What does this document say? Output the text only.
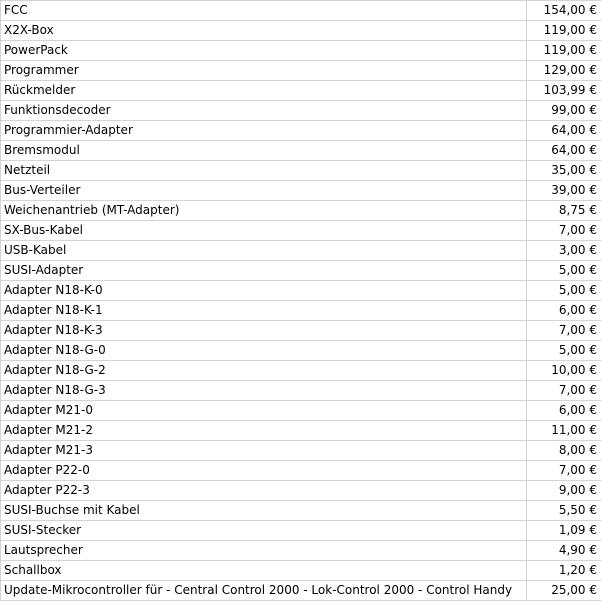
FCC	154,00 €
X2X-Box	119,00 €
PowerPack	119,00 €
Programmer	129,00 €
Rückmelder	103,99 €
Funktionsdecoder	99,00 €
Programmier-Adapter	64,00 €
Bremsmodul	64,00 €
Netzteil	35,00 €
Bus-Verteiler	39,00 €
Weichenantrieb (MT-Adapter)	8,75 €
SX-Bus-Kabel	7,00 €
USB-Kabel	3,00 €
SUSI-Adapter	5,00 €
Adapter N18-K-0	5,00 €
Adapter N18-K-1	6,00 €
Adapter N18-K-3	7,00 €
Adapter N18-G-0	5,00 €
Adapter N18-G-2	10,00 €
Adapter N18-G-3	7,00 €
Adapter M21-0	6,00 €
Adapter M21-2	11,00 €
Adapter M21-3	8,00 €
Adapter P22-0	7,00 €
Adapter P22-3	9,00 €
SUSI-Buchse mit Kabel	5,50 €
SUSI-Stecker	1,09 €
Lautsprecher	4,90 €
Schallbox	1,20 €
Update-Mikrocontroller für - Central Control 2000 - Lok-Control 2000 - Control Handy	25,00 €
